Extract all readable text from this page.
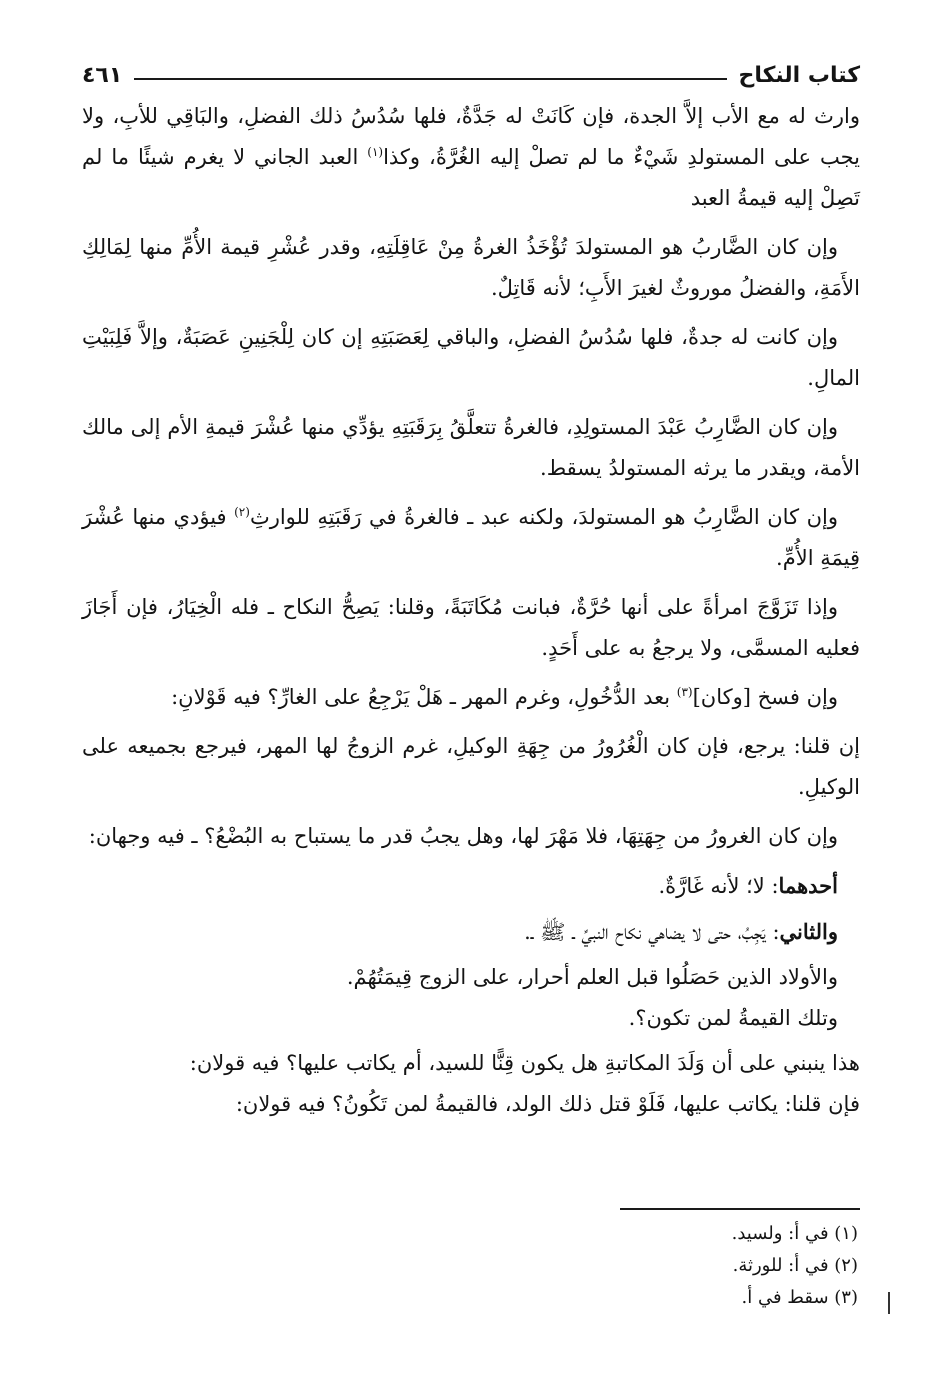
كتاب النكاح
٤٦١

وارث له مع الأب إلاَّ الجدة، فإن كَانَتْ له جَدَّةٌ، فلها سُدُسُ ذلك الفضلِ، والبَاقِي للأبِ، ولا يجب على المستولدِ شَيْءٌ ما لم تصلْ إليه الغُرَّةُ، وكذا$^{(١)}$ العبد الجاني لا يغرم شيئًا ما لم تَصِلْ إليه قيمةُ العبد

وإن كان الضَّاربُ هو المستولدَ تُؤْخَذُ الغرةُ مِنْ عَاقِلَتِهِ، وقدر عُشْرِ قيمة الأُمِّ منها لِمَالِكِ الأَمَةِ، والفضلُ موروثٌ لغيرَ الأَبِ؛ لأنه قَاتِلٌ.

وإن كانت له جدةٌ، فلها سُدُسُ الفضلِ، والباقي لِعَصَبَتِهِ إن كان لِلْجَنِينِ عَصَبَةٌ، وإلاَّ فَلِبَيْتِ المالِ.

وإن كان الضَّارِبُ عَبْدَ المستولِدِ، فالغرةُ تتعلَّقُ بِرَقَبَتِهِ يؤدِّي منها عُشْرَ قيمةِ الأم إلى مالك الأمة، ويقدر ما يرثه المستولدُ يسقط.

وإن كان الضَّارِبُ هو المستولدَ، ولكنه عبد ـ فالغرةُ في رَقَبَتِهِ للوارثِ$^{(٢)}$ فيؤدي منها عُشْرَ قِيمَةِ الأُمِّ.

وإذا تَزَوَّجَ امرأةً على أنها حُرَّةٌ، فبانت مُكَاتَبَةً، وقلنا: يَصِحُّ النكاح ـ فله الْخِيَارُ، فإن أَجَازَ فعليه المسمَّى، ولا يرجعُ به على أَحَدٍ.

وإن فسخ [وكان]$^{(٣)}$ بعد الدُّخُولِ، وغرم المهر ـ هَلْ يَرْجِعُ على الغارِّ؟ فيه قَوْلانِ:

إن قلنا: يرجع، فإن كان الْغُرُورُ من جِهَةِ الوكيلِ، غرم الزوجُ لها المهر، فيرجع بجميعه على الوكيلِ.

وإن كان الغرورُ من جِهَتِهَا، فلا مَهْرَ لها، وهل يجبُ قدر ما يستباح به البُضْعُ؟ ـ فيه وجهان:

أحدهما: لا؛ لأنه غَارَّةٌ.

والثاني: يَجِبُ، حتى لا يضاهي نكاح النبيِّ ـ ﷺ ـ.

والأولاد الذين حَصَلُوا قبل العلم أحرار، على الزوج قِيمَتُهُمْ.

وتلك القيمةُ لمن تكون؟.

هذا ينبني على أن وَلَدَ المكاتبةِ هل يكون قِنًّا للسيد، أم يكاتب عليها؟ فيه قولان:

فإن قلنا: يكاتب عليها، فَلَوْ قتل ذلك الولد، فالقيمةُ لمن تَكُونُ؟ فيه قولان:

(١) في أ: ولسيد.
(٢) في أ: للورثة.
(٣) سقط في أ.
